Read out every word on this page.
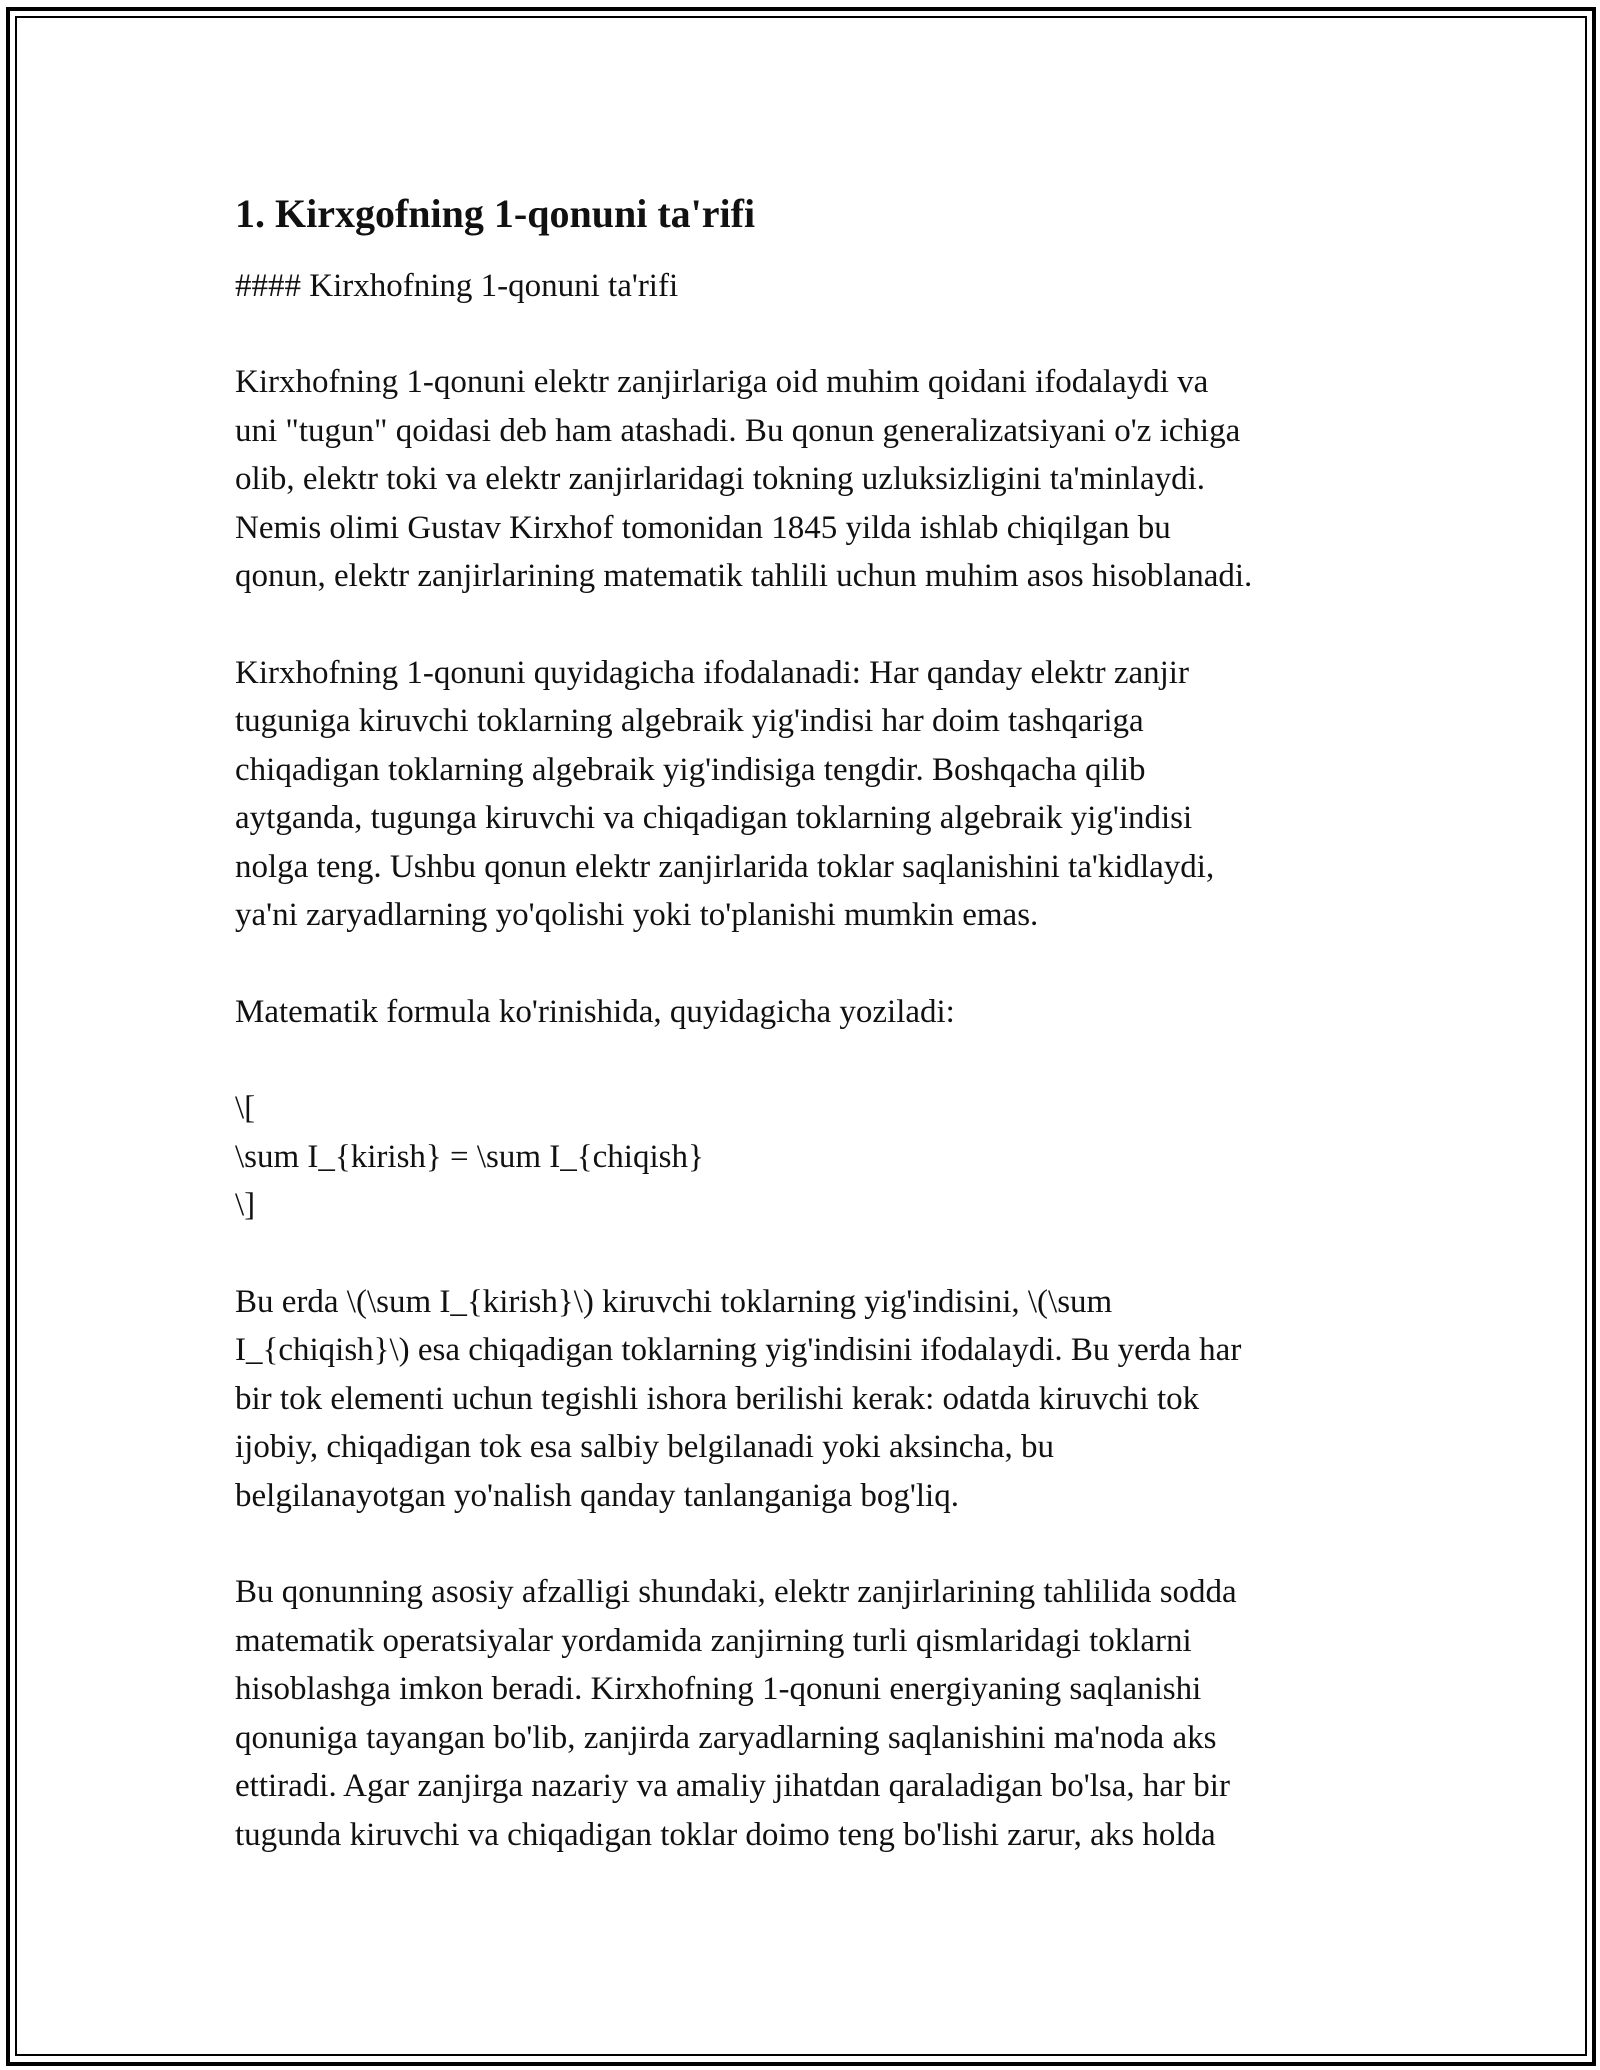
1. Kirxgofning 1-qonuni ta'rifi

#### Kirxhofning 1-qonuni ta'rifi

Kirxhofning 1-qonuni elektr zanjirlariga oid muhim qoidani ifodalaydi va
uni "tugun" qoidasi deb ham atashadi. Bu qonun generalizatsiyani o'z ichiga
olib, elektr toki va elektr zanjirlaridagi tokning uzluksizligini ta'minlaydi.
Nemis olimi Gustav Kirxhof tomonidan 1845 yilda ishlab chiqilgan bu
qonun, elektr zanjirlarining matematik tahlili uchun muhim asos hisoblanadi.

Kirxhofning 1-qonuni quyidagicha ifodalanadi: Har qanday elektr zanjir
tuguniga kiruvchi toklarning algebraik yig'indisi har doim tashqariga
chiqadigan toklarning algebraik yig'indisiga tengdir. Boshqacha qilib
aytganda, tugunga kiruvchi va chiqadigan toklarning algebraik yig'indisi
nolga teng. Ushbu qonun elektr zanjirlarida toklar saqlanishini ta'kidlaydi,
ya'ni zaryadlarning yo'qolishi yoki to'planishi mumkin emas.

Matematik formula ko'rinishida, quyidagicha yoziladi:

\[
\sum I_{kirish} = \sum I_{chiqish}
\]

Bu erda \(\sum I_{kirish}\) kiruvchi toklarning yig'indisini, \(\sum
I_{chiqish}\) esa chiqadigan toklarning yig'indisini ifodalaydi. Bu yerda har
bir tok elementi uchun tegishli ishora berilishi kerak: odatda kiruvchi tok
ijobiy, chiqadigan tok esa salbiy belgilanadi yoki aksincha, bu
belgilanayotgan yo'nalish qanday tanlanganiga bog'liq.

Bu qonunning asosiy afzalligi shundaki, elektr zanjirlarining tahlilida sodda
matematik operatsiyalar yordamida zanjirning turli qismlaridagi toklarni
hisoblashga imkon beradi. Kirxhofning 1-qonuni energiyaning saqlanishi
qonuniga tayangan bo'lib, zanjirda zaryadlarning saqlanishini ma'noda aks
ettiradi. Agar zanjirga nazariy va amaliy jihatdan qaraladigan bo'lsa, har bir
tugunda kiruvchi va chiqadigan toklar doimo teng bo'lishi zarur, aks holda
